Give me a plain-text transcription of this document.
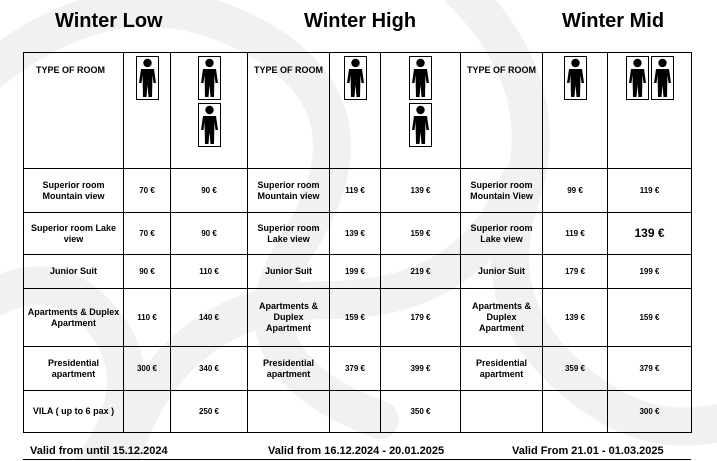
Winter Low	Winter High	Winter Mid
TYPE OF ROOM			TYPE OF ROOM			TYPE OF ROOM	

Superior room Mountain view	70 €	90 €	Superior room Mountain view	119 €	139 €	Superior room Mountain View	99 €	119 €
Superior room Lake view	70 €	90 €	Superior room Lake view	139 €	159 €	Superior room Lake view	119 €	139 €
Junior Suit	90 €	110 €	Junior Suit	199 €	219 €	Junior Suit	179 €	199 €
Apartments & Duplex Apartment	110 €	140 €	Apartments & Duplex Apartment	159 €	179 €	Apartments & Duplex Apartment	139 €	159 €
Presidential apartment	300 €	340 €	Presidential apartment	379 €	399 €	Presidential apartment	359 €	379 €
VILA ( up to 6 pax )		250 €			350 €			300 €
Valid from until 15.12.2024	Valid from 16.12.2024 - 20.01.2025	Valid From 21.01 - 01.03.2025
